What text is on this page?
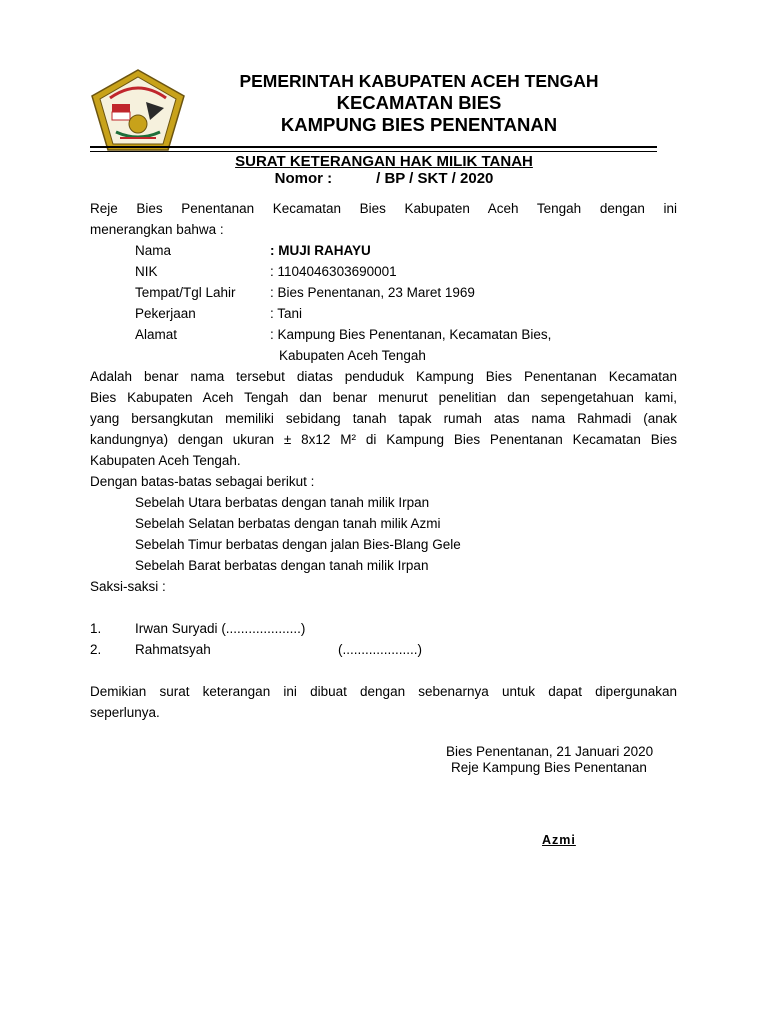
PEMERINTAH KABUPATEN ACEH TENGAH
KECAMATAN BIES
KAMPUNG BIES PENENTANAN
SURAT KETERANGAN HAK MILIK TANAH
Nomor :	/ BP / SKT / 2020
Reje Bies Penentanan Kecamatan Bies Kabupaten Aceh Tengah dengan ini
menerangkan bahwa :
Nama	: MUJI RAHAYU
NIK	: 1104046303690001
Tempat/Tgl Lahir	: Bies Penentanan, 23 Maret 1969
Pekerjaan	: Tani
Alamat	: Kampung Bies Penentanan, Kecamatan Bies,
Kabupaten Aceh Tengah
Adalah benar nama tersebut diatas penduduk Kampung Bies Penentanan Kecamatan
Bies Kabupaten Aceh Tengah dan benar menurut penelitian dan sepengetahuan kami,
yang bersangkutan memiliki sebidang tanah tapak rumah atas nama Rahmadi (anak
kandungnya) dengan ukuran ± 8x12 M² di Kampung Bies Penentanan Kecamatan Bies
Kabupaten Aceh Tengah.
Dengan batas-batas sebagai berikut :
Sebelah Utara berbatas dengan tanah milik Irpan
Sebelah Selatan berbatas dengan tanah milik Azmi
Sebelah Timur berbatas dengan jalan Bies-Blang Gele
Sebelah Barat berbatas dengan tanah milik Irpan
Saksi-saksi :
1. Irwan Suryadi (....................)
2. Rahmatsyah	(....................)
Demikian surat keterangan ini dibuat dengan sebenarnya untuk dapat dipergunakan
seperlunya.
Bies Penentanan, 21 Januari 2020
Reje Kampung Bies Penentanan
Azmi
